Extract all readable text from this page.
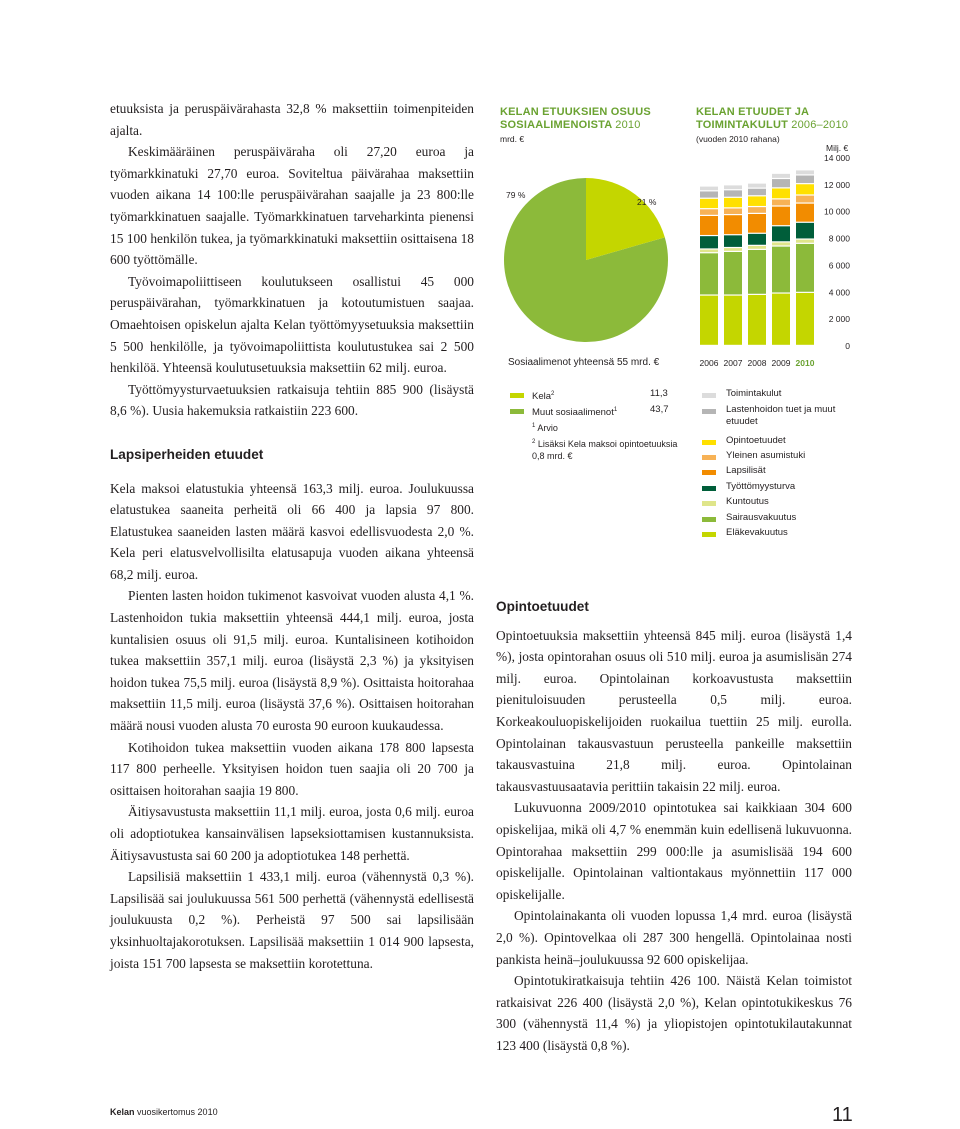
etuuksista ja peruspäivärahasta 32,8 % maksettiin toimenpiteiden ajalta.

Keskimääräinen peruspäiväraha oli 27,20 euroa ja työmarkkinatuki 27,70 euroa. Soviteltua päivärahaa maksettiin vuoden aikana 14 100:lle peruspäivärahan saajalle ja 23 800:lle työmarkkinatuen saajalle. Työmarkkinatuen tarveharkinta pienensi 15 100 henkilön tukea, ja työmarkkinatuki maksettiin osittaisena 18 600 työttömälle.

Työvoimapoliittiseen koulutukseen osallistui 45 000 peruspäivärahan, työmarkkinatuen ja kotoutumistuen saajaa. Omaehtoisen opiskelun ajalta Kelan työttömyysetuuksia maksettiin 5 500 henkilölle, ja työvoimapoliittista koulutustukea sai 2 500 henkilöä. Yhteensä koulutusetuuksia maksettiin 62 milj. euroa.

Työttömyysturvaetuuksien ratkaisuja tehtiin 885 900 (lisäystä 8,6 %). Uusia hakemuksia ratkaistiin 223 600.

Lapsiperheiden etuudet

Kela maksoi elatustukia yhteensä 163,3 milj. euroa. Joulukuussa elatustukea saaneita perheitä oli 66 400 ja lapsia 97 800. Elatustukea saaneiden lasten määrä kasvoi edellisvuodesta 2,0 %. Kela peri elatusvelvollisilta elatusapuja vuoden aikana yhteensä 68,2 milj. euroa.

Pienten lasten hoidon tukimenot kasvoivat vuoden alusta 4,1 %. Lastenhoidon tukia maksettiin yhteensä 444,1 milj. euroa, josta kuntalisien osuus oli 91,5 milj. euroa. Kuntalisineen kotihoidon tukea maksettiin 357,1 milj. euroa (lisäystä 2,3 %) ja yksityisen hoidon tukea 75,5 milj. euroa (lisäystä 8,9 %). Osittaista hoitorahaa maksettiin 11,5 milj. euroa (lisäystä 37,6 %). Osittaisen hoitorahan määrä nousi vuoden alusta 70 eurosta 90 euroon kuukaudessa.

Kotihoidon tukea maksettiin vuoden aikana 178 800 lapsesta 117 800 perheelle. Yksityisen hoidon tuen saajia oli 20 700 ja osittaisen hoitorahan saajia 19 800.

Äitiysavustusta maksettiin 11,1 milj. euroa, josta 0,6 milj. euroa oli adoptiotukea kansainvälisen lapseksiottamisen kustannuksista. Äitiysavustusta sai 60 200 ja adoptiotukea 148 perhettä.

Lapsilisiä maksettiin 1 433,1 milj. euroa (vähennystä 0,3 %). Lapsilisää sai joulukuussa 561 500 perhettä (vähennystä edellisestä joulukuusta 0,2 %). Perheistä 97 500 sai lapsilisään yksinhuoltajakorotuksen. Lapsilisää maksettiin 1 014 900 lapsesta, joista 151 700 lapsesta se maksettiin korotettuna.

KELAN ETUUKSIEN OSUUS
SOSIAALIMENOISTA 2010
mrd. €
79 %
21 %
Sosiaalimenot yhteensä 55 mrd. €
Kela$^2$	11,3
Muut sosiaalimenot$^1$	43,7
$^1$ Arvio
$^2$ Lisäksi Kela maksoi opintoetuuksia 0,8 mrd. €
KELAN ETUUDET JA
TOIMINTAKULUT 2006–2010
(vuoden 2010 rahana)
Milj. €
0
2 000
4 000
6 000
8 000
10 000
12 000
14 000
2006 2007 2008 2009 2010
Toimintakulut
Lastenhoidon tuet ja muut
etuudet
Opintoetuudet
Yleinen asumistuki
Lapsilisät
Työttömyysturva
Kuntoutus
Sairausvakuutus
Eläkevakuutus
Opintoetuudet

Opintoetuuksia maksettiin yhteensä 845 milj. euroa (lisäystä 1,4 %), josta opintorahan osuus oli 510 milj. euroa ja asumislisän 274 milj. euroa. Opintolainan korkoavustusta maksettiin pienituloisuuden perusteella 0,5 milj. euroa. Korkeakouluopiskelijoiden ruokailua tuettiin 25 milj. eurolla. Opintolainan takausvastuun perusteella pankeille maksettiin takausvastuina 21,8 milj. euroa. Opintolainan takausvastuusaatavia perittiin takaisin 22 milj. euroa.

Lukuvuonna 2009/2010 opintotukea sai kaikkiaan 304 600 opiskelijaa, mikä oli 4,7 % enemmän kuin edellisenä lukuvuonna. Opintorahaa maksettiin 299 000:lle ja asumislisää 194 600 opiskelijalle. Opintolainan valtiontakaus myönnettiin 117 000 opiskelijalle.

Opintolainakanta oli vuoden lopussa 1,4 mrd. euroa (lisäystä 2,0 %). Opintovelkaa oli 287 300 hengellä. Opintolainaa nosti pankista heinä–joulukuussa 92 600 opiskelijaa.

Opintotukiratkaisuja tehtiin 426 100. Näistä Kelan toimistot ratkaisivat 226 400 (lisäystä 2,0 %), Kelan opintotukikeskus 76 300 (vähennystä 11,4 %) ja yliopistojen opintotukilautakunnat 123 400 (lisäystä 0,8 %).

Kelan vuosikertomus 2010	11
